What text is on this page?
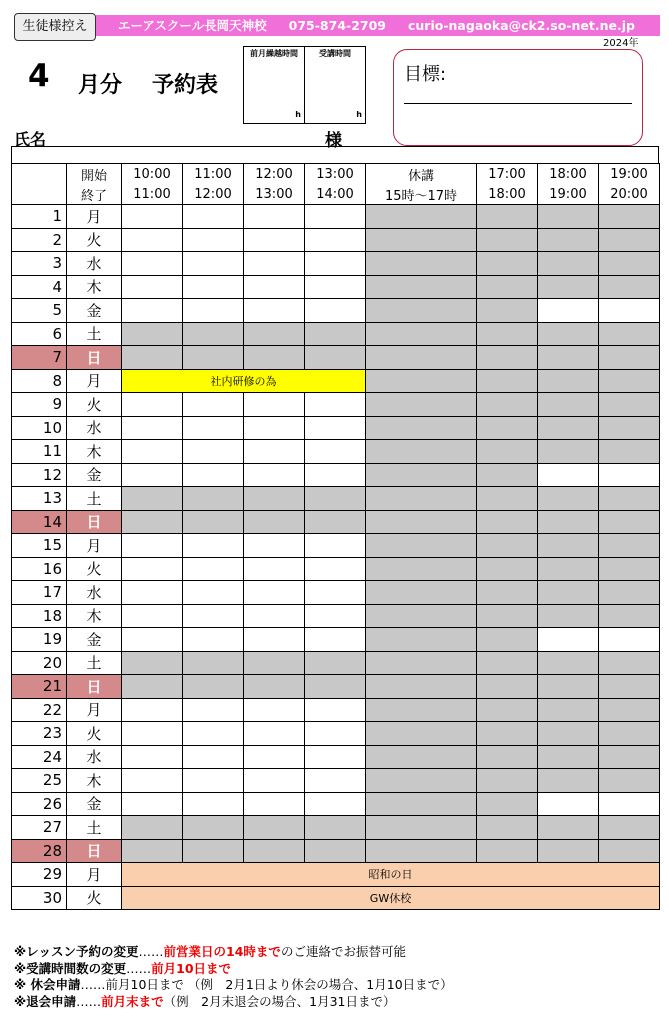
生徒様控え	エーアスクール長岡天神校 075-874-2709 curio-nagaoka@ck2.so-net.ne.jp
2024年
4 月分 予約表
前月繰越時間
h
受講時間
h
目標:
氏名	様
	開始	10:00	11:00	12:00	13:00	休講	17:00	18:00	19:00
	終了	11:00	12:00	13:00	14:00	15時～17時	18:00	19:00	20:00
1	月								
2	火								
3	水								
4	木								
5	金								
6	土								
7	日								
8	月	社内研修の為							
9	火								
10	水								
11	木								
12	金								
13	土								
14	日								
15	月								
16	火								
17	水								
18	木								
19	金								
20	土								
21	日								
22	月								
23	火								
24	水								
25	木								
26	金								
27	土								
28	日								
29	月	昭和の日							
30	火	GW休校							
※レッスン予約の変更……前営業日の14時までのご連絡でお振替可能
※受講時間数の変更……前月10日まで
※ 休会申請……前月10日まで （例　2月1日より休会の場合、1月10日まで）
※退会申請……前月末まで（例　2月末退会の場合、1月31日まで）
